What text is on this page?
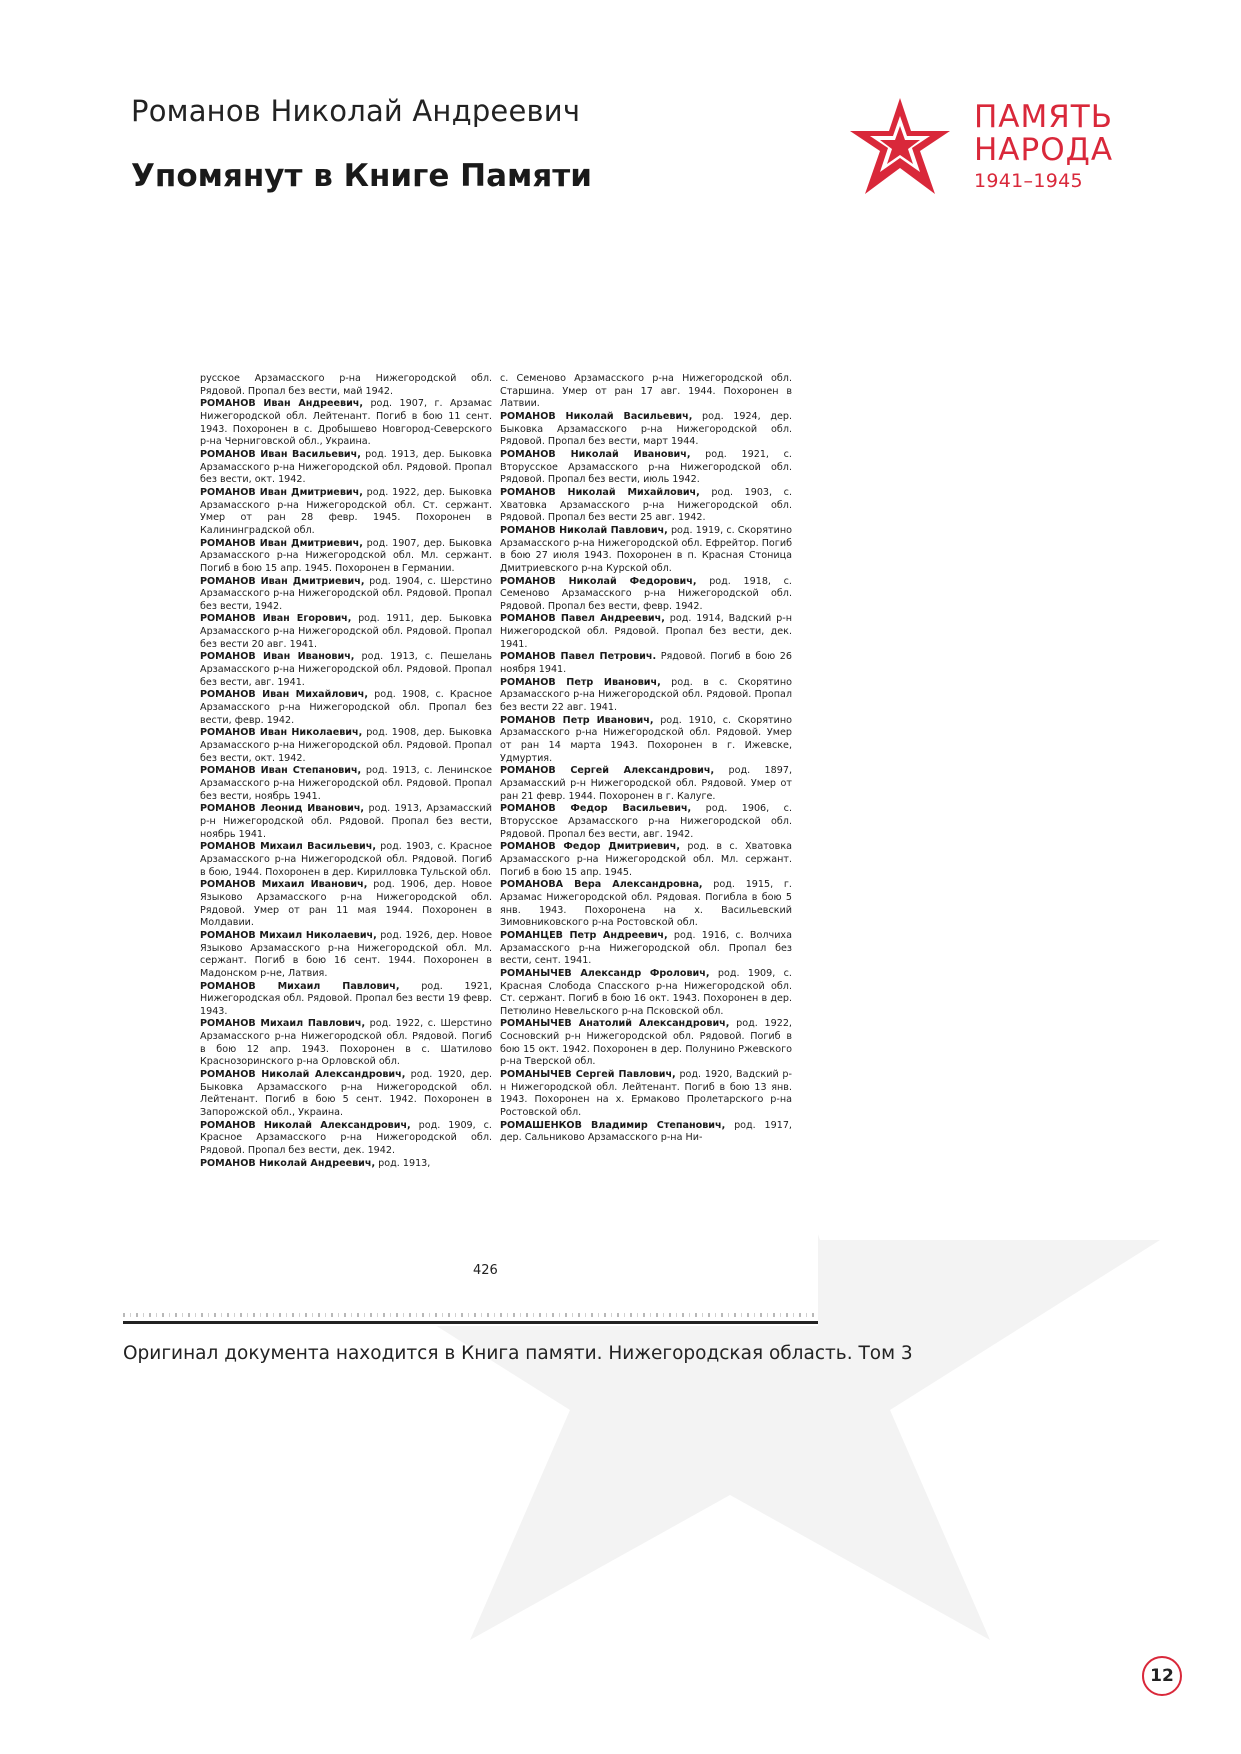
Романов Николай Андреевич
Упомянут в Книге Памяти
ПАМЯТЬ
НАРОДА
1941–1945

русское Арзамасского р-на Нижегородской обл. Рядовой. Пропал без вести, май 1942.

РОМАНОВ Иван Андреевич, род. 1907, г. Арзамас Нижегородской обл. Лейтенант. Погиб в бою 11 сент. 1943. Похоронен в с. Дробышево Новгород-Северского р-на Черниговской обл., Украина.

РОМАНОВ Иван Васильевич, род. 1913, дер. Быковка Арзамасского р-на Нижегородской обл. Рядовой. Пропал без вести, окт. 1942.

РОМАНОВ Иван Дмитриевич, род. 1922, дер. Быковка Арзамасского р-на Нижегородской обл. Ст. сержант. Умер от ран 28 февр. 1945. Похоронен в Калининградской обл.

РОМАНОВ Иван Дмитриевич, род. 1907, дер. Быковка Арзамасского р-на Нижегородской обл. Мл. сержант. Погиб в бою 15 апр. 1945. Похоронен в Германии.

РОМАНОВ Иван Дмитриевич, род. 1904, с. Шерстино Арзамасского р-на Нижегородской обл. Рядовой. Пропал без вести, 1942.

РОМАНОВ Иван Егорович, род. 1911, дер. Быковка Арзамасского р-на Нижегородской обл. Рядовой. Пропал без вести 20 авг. 1941.

РОМАНОВ Иван Иванович, род. 1913, с. Пешелань Арзамасского р-на Нижегородской обл. Рядовой. Пропал без вести, авг. 1941.

РОМАНОВ Иван Михайлович, род. 1908, с. Красное Арзамасского р-на Нижегородской обл. Пропал без вести, февр. 1942.

РОМАНОВ Иван Николаевич, род. 1908, дер. Быковка Арзамасского р-на Нижегородской обл. Рядовой. Пропал без вести, окт. 1942.

РОМАНОВ Иван Степанович, род. 1913, с. Ленинское Арзамасского р-на Нижегородской обл. Рядовой. Пропал без вести, ноябрь 1941.

РОМАНОВ Леонид Иванович, род. 1913, Арзамасский р-н Нижегородской обл. Рядовой. Пропал без вести, ноябрь 1941.

РОМАНОВ Михаил Васильевич, род. 1903, с. Красное Арзамасского р-на Нижегородской обл. Рядовой. Погиб в бою, 1944. Похоронен в дер. Кирилловка Тульской обл.

РОМАНОВ Михаил Иванович, род. 1906, дер. Новое Языково Арзамасского р-на Нижегородской обл. Рядовой. Умер от ран 11 мая 1944. Похоронен в Молдавии.

РОМАНОВ Михаил Николаевич, род. 1926, дер. Новое Языково Арзамасского р-на Нижегородской обл. Мл. сержант. Погиб в бою 16 сент. 1944. Похоронен в Мадонском р-не, Латвия.

РОМАНОВ Михаил Павлович, род. 1921, Нижегородская обл. Рядовой. Пропал без вести 19 февр. 1943.

РОМАНОВ Михаил Павлович, род. 1922, с. Шерстино Арзамасского р-на Нижегородской обл. Рядовой. Погиб в бою 12 апр. 1943. Похоронен в с. Шатилово Краснозоринского р-на Орловской обл.

РОМАНОВ Николай Александрович, род. 1920, дер. Быковка Арзамасского р-на Нижегородской обл. Лейтенант. Погиб в бою 5 сент. 1942. Похоронен в Запорожской обл., Украина.

РОМАНОВ Николай Александрович, род. 1909, с. Красное Арзамасского р-на Нижегородской обл. Рядовой. Пропал без вести, дек. 1942.

РОМАНОВ Николай Андреевич, род. 1913,

с. Семеново Арзамасского р-на Нижегородской обл. Старшина. Умер от ран 17 авг. 1944. Похоронен в Латвии.

РОМАНОВ Николай Васильевич, род. 1924, дер. Быковка Арзамасского р-на Нижегородской обл. Рядовой. Пропал без вести, март 1944.

РОМАНОВ Николай Иванович, род. 1921, с. Вторусское Арзамасского р-на Нижегородской обл. Рядовой. Пропал без вести, июль 1942.

РОМАНОВ Николай Михайлович, род. 1903, с. Хватовка Арзамасского р-на Нижегородской обл. Рядовой. Пропал без вести 25 авг. 1942.

РОМАНОВ Николай Павлович, род. 1919, с. Скорятино Арзамасского р-на Нижегородской обл. Ефрейтор. Погиб в бою 27 июля 1943. Похоронен в п. Красная Стоница Дмитриевского р-на Курской обл.

РОМАНОВ Николай Федорович, род. 1918, с. Семеново Арзамасского р-на Нижегородской обл. Рядовой. Пропал без вести, февр. 1942.

РОМАНОВ Павел Андреевич, род. 1914, Вадский р-н Нижегородской обл. Рядовой. Пропал без вести, дек. 1941.

РОМАНОВ Павел Петрович. Рядовой. Погиб в бою 26 ноября 1941.

РОМАНОВ Петр Иванович, род. в с. Скорятино Арзамасского р-на Нижегородской обл. Рядовой. Пропал без вести 22 авг. 1941.

РОМАНОВ Петр Иванович, род. 1910, с. Скорятино Арзамасского р-на Нижегородской обл. Рядовой. Умер от ран 14 марта 1943. Похоронен в г. Ижевске, Удмуртия.

РОМАНОВ Сергей Александрович, род. 1897, Арзамасский р-н Нижегородской обл. Рядовой. Умер от ран 21 февр. 1944. Похоронен в г. Калуге.

РОМАНОВ Федор Васильевич, род. 1906, с. Вторусское Арзамасского р-на Нижегородской обл. Рядовой. Пропал без вести, авг. 1942.

РОМАНОВ Федор Дмитриевич, род. в с. Хватовка Арзамасского р-на Нижегородской обл. Мл. сержант. Погиб в бою 15 апр. 1945.

РОМАНОВА Вера Александровна, род. 1915, г. Арзамас Нижегородской обл. Рядовая. Погибла в бою 5 янв. 1943. Похоронена на х. Васильевский Зимовниковского р-на Ростовской обл.

РОМАНЦЕВ Петр Андреевич, род. 1916, с. Волчиха Арзамасского р-на Нижегородской обл. Пропал без вести, сент. 1941.

РОМАНЫЧЕВ Александр Фролович, род. 1909, с. Красная Слобода Спасского р-на Нижегородской обл. Ст. сержант. Погиб в бою 16 окт. 1943. Похоронен в дер. Петюлино Невельского р-на Псковской обл.

РОМАНЫЧЕВ Анатолий Александрович, род. 1922, Сосновский р-н Нижегородской обл. Рядовой. Погиб в бою 15 окт. 1942. Похоронен в дер. Полунино Ржевского р-на Тверской обл.

РОМАНЫЧЕВ Сергей Павлович, род. 1920, Вадский р-н Нижегородской обл. Лейтенант. Погиб в бою 13 янв. 1943. Похоронен на х. Ермаково Пролетарского р-на Ростовской обл.

РОМАШЕНКОВ Владимир Степанович, род. 1917, дер. Сальниково Арзамасского р-на Ни-

426
Оригинал документа находится в Книга памяти. Нижегородская область. Том 3
12
